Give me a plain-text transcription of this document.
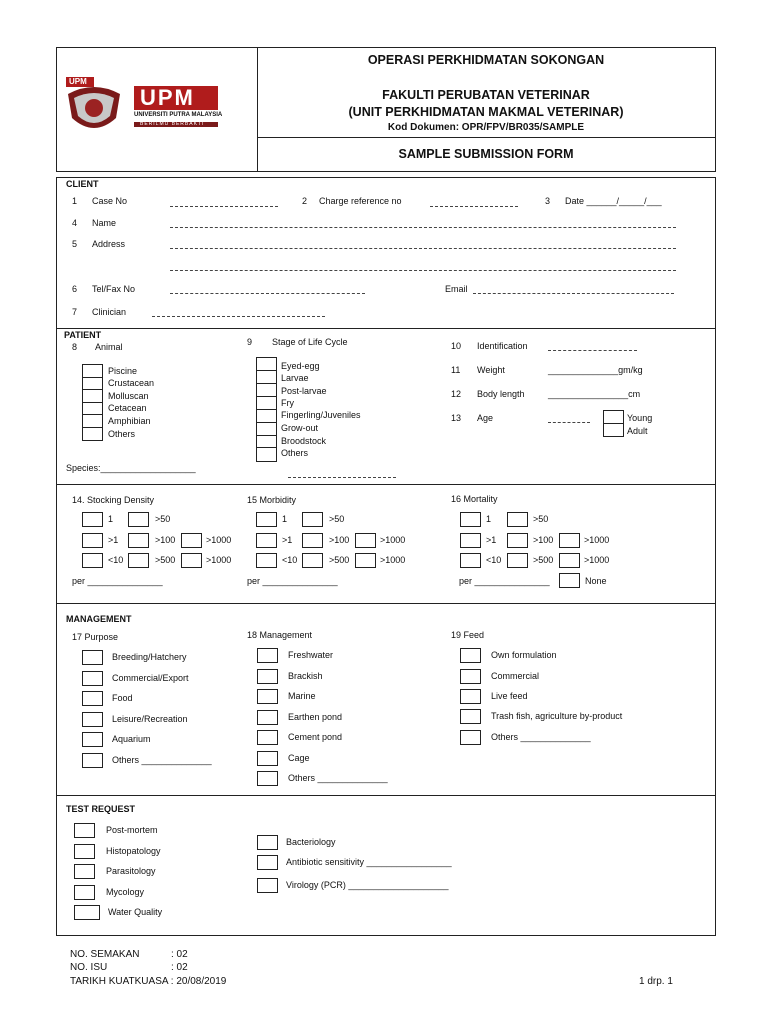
UPM
UPM
UNIVERSITI PUTRA MALAYSIA
BERILMU BERBAKTI
OPERASI PERKHIDMATAN SOKONGAN
FAKULTI PERUBATAN VETERINAR
(UNIT PERKHIDMATAN MAKMAL VETERINAR)
Kod Dokumen: OPR/FPV/BR035/SAMPLE
SAMPLE SUBMISSION FORM
CLIENT
1 Case No	2 Charge reference no	3 Date ______/_____/___
4 Name
5 Address
6 Tel/Fax No	Email
7 Clinician
PATIENT
8 Animal
Piscine
Crustacean
Molluscan
Cetacean
Amphibian
Others
Species:___________________
9 Stage of Life Cycle
Eyed-egg
Larvae
Post-larvae
Fry
Fingerling/Juveniles
Grow-out
Broodstock
Others
10 Identification
11 Weight	______________gm/kg
12 Body length	________________cm
13 Age	Young
Adult
14. Stocking Density
1	>50
>1	>100	>1000
<10	>500	>1000
per _______________
15 Morbidity
1	>50
>1	>100	>1000
<10	>500	>1000
per _______________
16 Mortality
1	>50
>1	>100	>1000
<10	>500	>1000
per _______________	None
MANAGEMENT
17 Purpose
Breeding/Hatchery
Commercial/Export
Food
Leisure/Recreation
Aquarium
Others ______________
18 Management
Freshwater
Brackish
Marine
Earthen pond
Cement pond
Cage
Others ______________
19 Feed
Own formulation
Commercial
Live feed
Trash fish, agriculture by-product
Others ______________
TEST REQUEST
Post-mortem
Histopatology
Parasitology
Mycology
Water Quality
Bacteriology
Antibiotic sensitivity _________________
Virology (PCR) ____________________
NO. SEMAKAN	: 02
NO. ISU	: 02
TARIKH KUATKUASA : 20/08/2019	1 drp. 1
